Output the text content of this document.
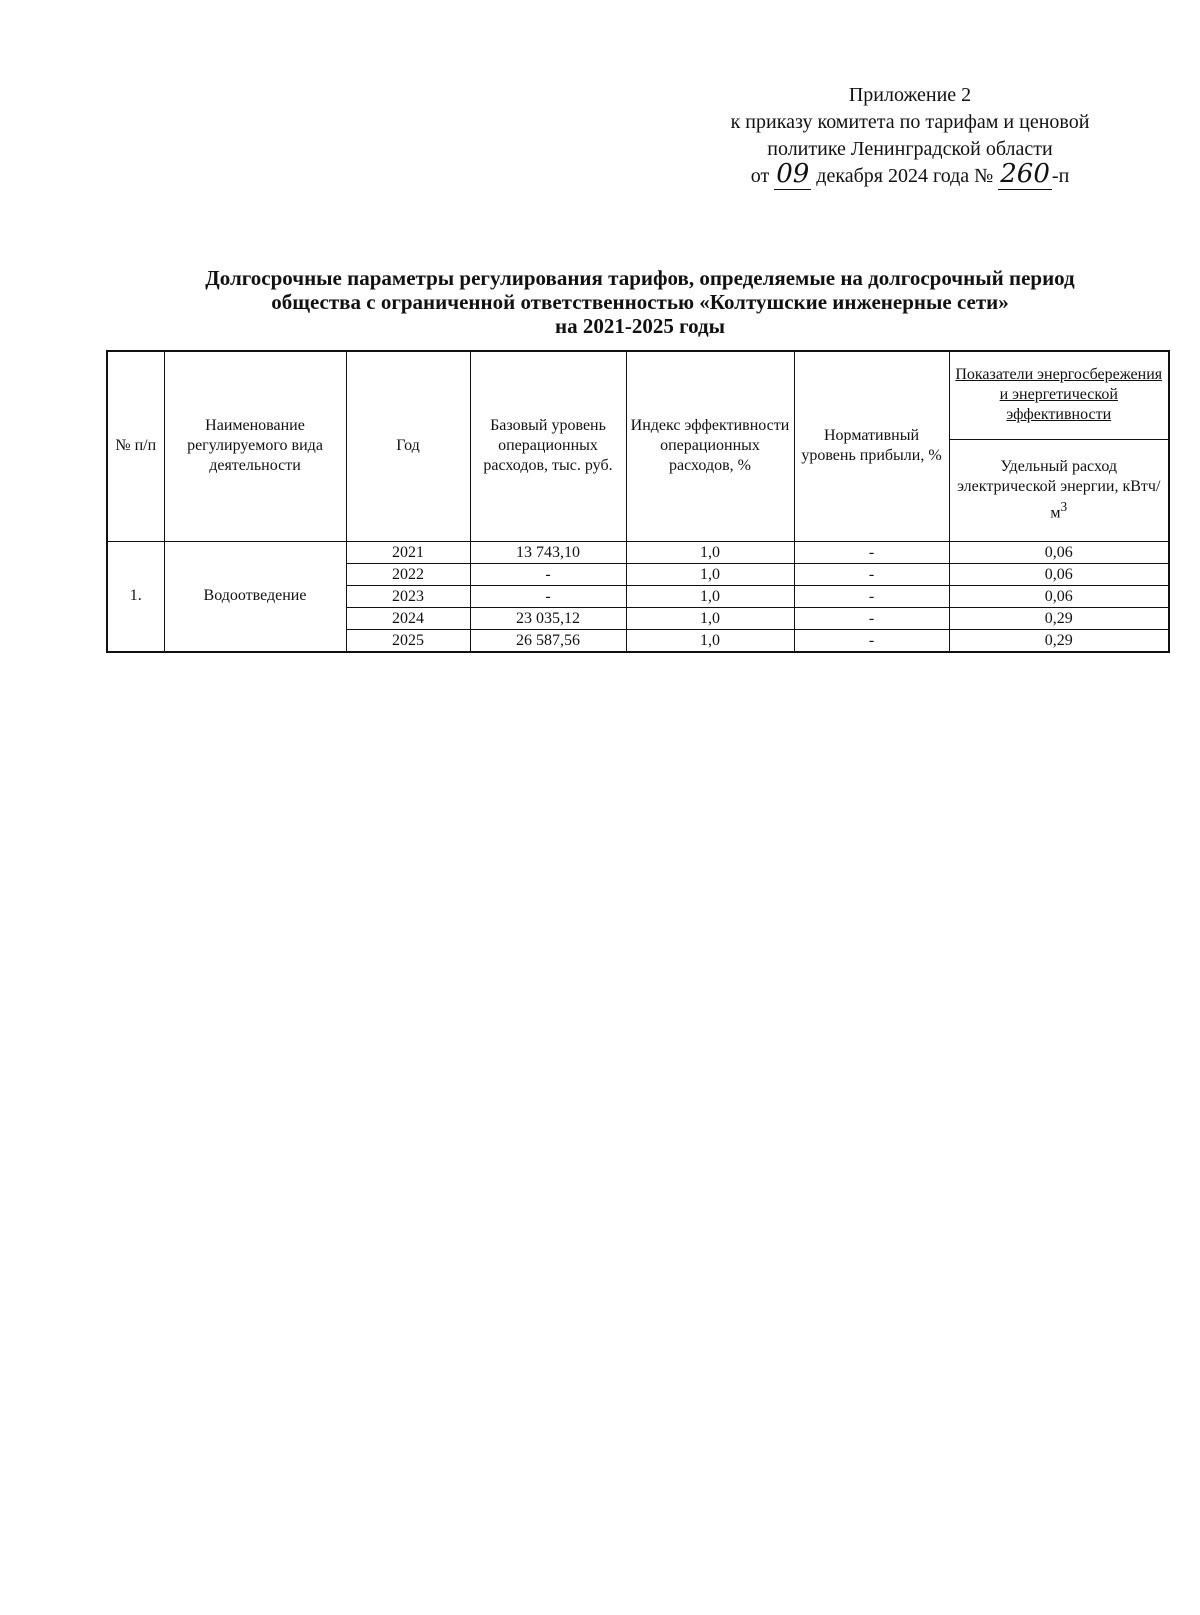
Приложение 2
к приказу комитета по тарифам и ценовой
политике Ленинградской области
от 09 декабря 2024 года № 260 -п
Долгосрочные параметры регулирования тарифов, определяемые на долгосрочный период
общества с ограниченной ответственностью «Колтушские инженерные сети»
на 2021-2025 годы
№ п/п	Наименование регулируемого вида деятельности	Год	Базовый уровень операционных расходов, тыс. руб.	Индекс эффективности операционных расходов, %	Нормативный уровень прибыли, %	Показатели энергосбережения и энергетической эффективности
						Удельный расход электрической энергии, кВтч/$м^3$
1.	Водоотведение	2021	13 743,10	1,0	-	0,06
		2022	-	1,0	-	0,06
		2023	-	1,0	-	0,06
		2024	23 035,12	1,0	-	0,29
		2025	26 587,56	1,0	-	0,29
